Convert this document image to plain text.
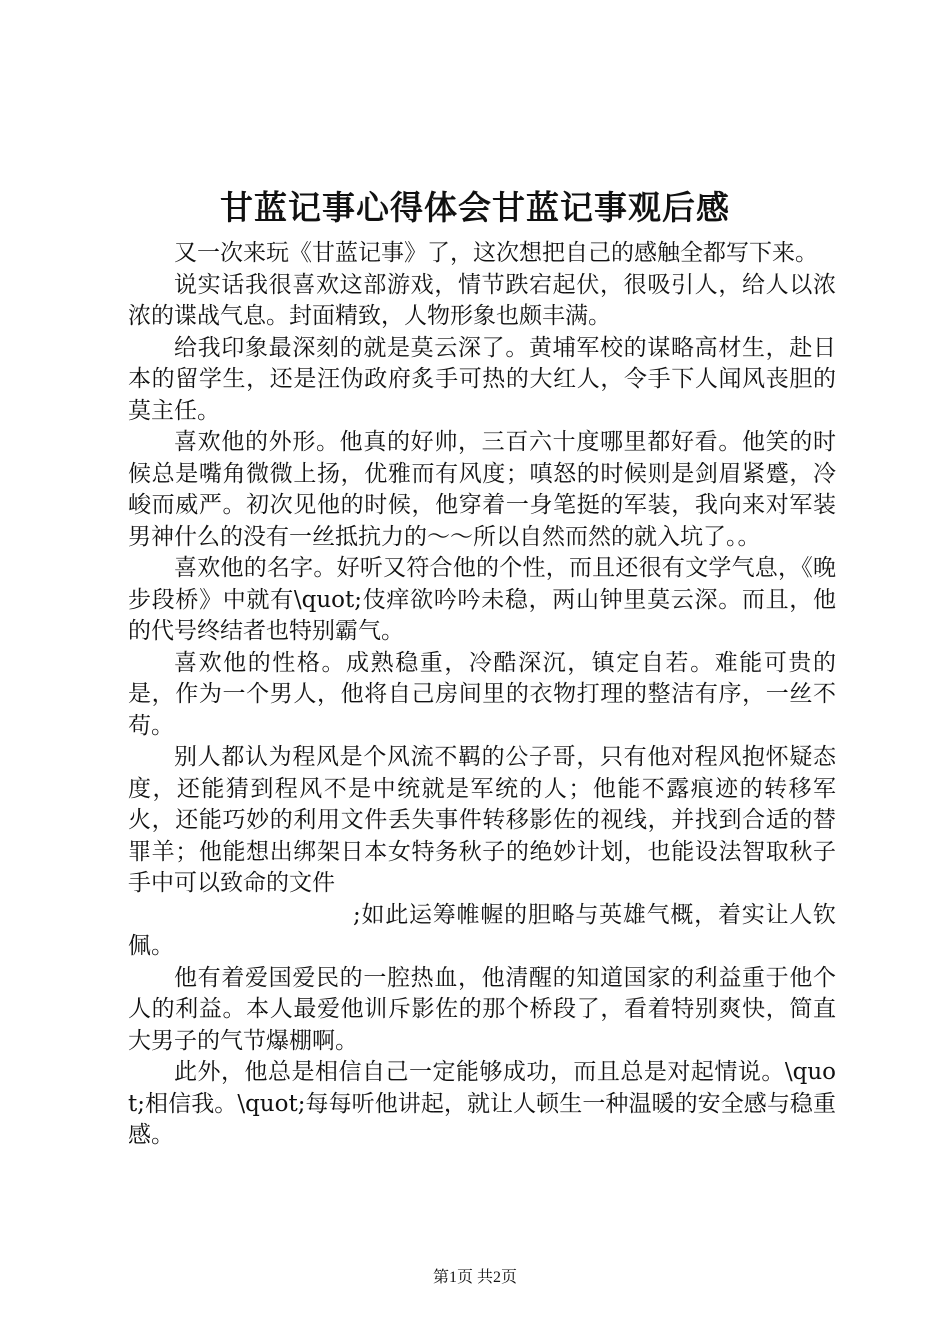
甘蓝记事心得体会甘蓝记事观后感

又一次来玩《甘蓝记事》了，这次想把自己的感触全都写下来。

说实话我很喜欢这部游戏，情节跌宕起伏，很吸引人，给人以浓浓的谍战气息。封面精致，人物形象也颇丰满。

给我印象最深刻的就是莫云深了。黄埔军校的谋略高材生，赴日本的留学生，还是汪伪政府炙手可热的大红人，令手下人闻风丧胆的莫主任。

喜欢他的外形。他真的好帅，三百六十度哪里都好看。他笑的时候总是嘴角微微上扬，优雅而有风度；嗔怒的时候则是剑眉紧蹙，冷峻而威严。初次见他的时候，他穿着一身笔挺的军装，我向来对军装男神什么的没有一丝抵抗力的～～所以自然而然的就入坑了。。

喜欢他的名字。好听又符合他的个性，而且还很有文学气息，《晚步段桥》中就有\quot;伎痒欲吟吟未稳，两山钟里莫云深。而且，他的代号终结者也特别霸气。

喜欢他的性格。成熟稳重，冷酷深沉，镇定自若。难能可贵的是，作为一个男人，他将自己房间里的衣物打理的整洁有序，一丝不苟。

别人都认为程风是个风流不羁的公子哥，只有他对程风抱怀疑态度，还能猜到程风不是中统就是军统的人；他能不露痕迹的转移军火，还能巧妙的利用文件丢失事件转移影佐的视线，并找到合适的替罪羊；他能想出绑架日本女特务秋子的绝妙计划，也能设法智取秋子手中可以致命的文件

;如此运筹帷幄的胆略与英雄气概，着实让人钦佩。

他有着爱国爱民的一腔热血，他清醒的知道国家的利益重于他个人的利益。本人最爱他训斥影佐的那个桥段了，看着特别爽快，简直大男子的气节爆棚啊。

此外，他总是相信自己一定能够成功，而且总是对起情说。\quot;相信我。\quot;每每听他讲起，就让人顿生一种温暖的安全感与稳重感。

第1页 共2页
